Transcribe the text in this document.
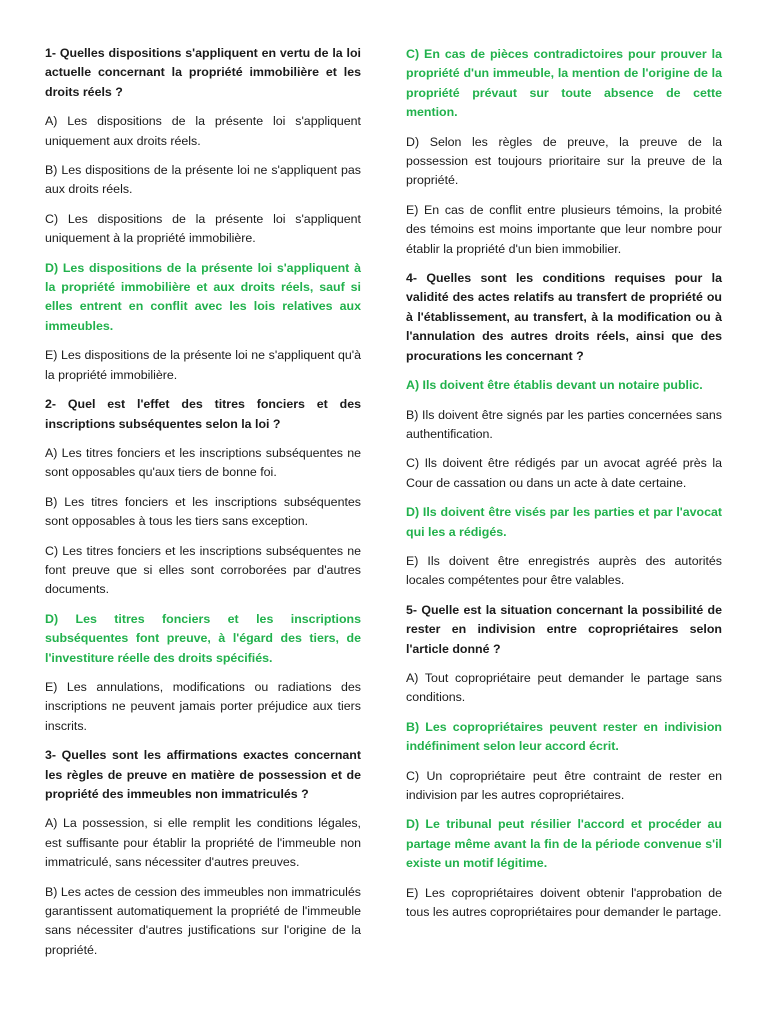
1- Quelles dispositions s'appliquent en vertu de la loi actuelle concernant la propriété immobilière et les droits réels ?

A) Les dispositions de la présente loi s'appliquent uniquement aux droits réels.

B) Les dispositions de la présente loi ne s'appliquent pas aux droits réels.

C) Les dispositions de la présente loi s'appliquent uniquement à la propriété immobilière.

D) Les dispositions de la présente loi s'appliquent à la propriété immobilière et aux droits réels, sauf si elles entrent en conflit avec les lois relatives aux immeubles.

E) Les dispositions de la présente loi ne s'appliquent qu'à la propriété immobilière.

2- Quel est l'effet des titres fonciers et des inscriptions subséquentes selon la loi ?

A) Les titres fonciers et les inscriptions subséquentes ne sont opposables qu'aux tiers de bonne foi.

B) Les titres fonciers et les inscriptions subséquentes sont opposables à tous les tiers sans exception.

C) Les titres fonciers et les inscriptions subséquentes ne font preuve que si elles sont corroborées par d'autres documents.

D) Les titres fonciers et les inscriptions subséquentes font preuve, à l'égard des tiers, de l'investiture réelle des droits spécifiés.

E) Les annulations, modifications ou radiations des inscriptions ne peuvent jamais porter préjudice aux tiers inscrits.

3- Quelles sont les affirmations exactes concernant les règles de preuve en matière de possession et de propriété des immeubles non immatriculés ?

A) La possession, si elle remplit les conditions légales, est suffisante pour établir la propriété de l'immeuble non immatriculé, sans nécessiter d'autres preuves.

B) Les actes de cession des immeubles non immatriculés garantissent automatiquement la propriété de l'immeuble sans nécessiter d'autres justifications sur l'origine de la propriété.

C) En cas de pièces contradictoires pour prouver la propriété d'un immeuble, la mention de l'origine de la propriété prévaut sur toute absence de cette mention.

D) Selon les règles de preuve, la preuve de la possession est toujours prioritaire sur la preuve de la propriété.

E) En cas de conflit entre plusieurs témoins, la probité des témoins est moins importante que leur nombre pour établir la propriété d'un bien immobilier.

4- Quelles sont les conditions requises pour la validité des actes relatifs au transfert de propriété ou à l'établissement, au transfert, à la modification ou à l'annulation des autres droits réels, ainsi que des procurations les concernant ?

A) Ils doivent être établis devant un notaire public.

B) Ils doivent être signés par les parties concernées sans authentification.

C) Ils doivent être rédigés par un avocat agréé près la Cour de cassation ou dans un acte à date certaine.

D) Ils doivent être visés par les parties et par l'avocat qui les a rédigés.

E) Ils doivent être enregistrés auprès des autorités locales compétentes pour être valables.

5- Quelle est la situation concernant la possibilité de rester en indivision entre copropriétaires selon l'article donné ?

A) Tout copropriétaire peut demander le partage sans conditions.

B) Les copropriétaires peuvent rester en indivision indéfiniment selon leur accord écrit.

C) Un copropriétaire peut être contraint de rester en indivision par les autres copropriétaires.

D) Le tribunal peut résilier l'accord et procéder au partage même avant la fin de la période convenue s'il existe un motif légitime.

E) Les copropriétaires doivent obtenir l'approbation de tous les autres copropriétaires pour demander le partage.
